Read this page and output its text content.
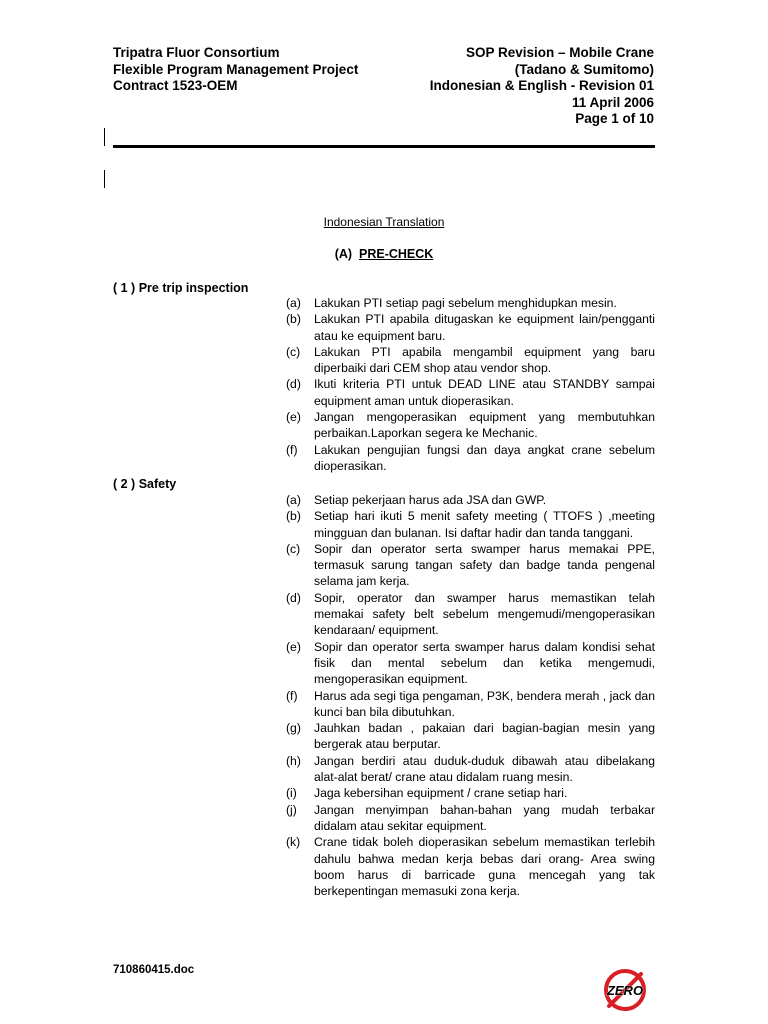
Tripatra Fluor Consortium
Flexible Program Management Project
Contract 1523-OEM
SOP Revision – Mobile Crane
(Tadano & Sumitomo)
Indonesian & English - Revision 01
11 April 2006
Page 1 of 10
Indonesian Translation
(A) PRE-CHECK
( 1 ) Pre trip inspection
(a) Lakukan PTI setiap pagi sebelum menghidupkan mesin.
(b) Lakukan PTI apabila ditugaskan ke equipment lain/pengganti atau ke equipment baru.
(c) Lakukan PTI apabila mengambil equipment yang baru diperbaiki dari CEM shop atau vendor shop.
(d) Ikuti kriteria PTI untuk DEAD LINE atau STANDBY sampai equipment aman untuk dioperasikan.
(e) Jangan mengoperasikan equipment yang membutuhkan perbaikan.Laporkan segera ke Mechanic.
(f) Lakukan pengujian fungsi dan daya angkat crane sebelum dioperasikan.
( 2 ) Safety
(a) Setiap pekerjaan harus ada JSA dan GWP.
(b) Setiap hari ikuti 5 menit safety meeting ( TTOFS ) ,meeting mingguan dan bulanan. Isi daftar hadir dan tanda tanggani.
(c) Sopir dan operator serta swamper harus memakai PPE, termasuk sarung tangan safety dan badge tanda pengenal selama jam kerja.
(d) Sopir, operator dan swamper harus memastikan telah memakai safety belt sebelum mengemudi/mengoperasikan kendaraan/ equipment.
(e) Sopir dan operator serta swamper harus dalam kondisi sehat fisik dan mental sebelum dan ketika mengemudi, mengoperasikan equipment.
(f) Harus ada segi tiga pengaman, P3K, bendera merah , jack dan kunci ban bila dibutuhkan.
(g) Jauhkan badan , pakaian dari bagian-bagian mesin yang bergerak atau berputar.
(h) Jangan berdiri atau duduk-duduk dibawah atau dibelakang alat-alat berat/ crane atau didalam ruang mesin.
(i) Jaga kebersihan equipment / crane setiap hari.
(j) Jangan menyimpan bahan-bahan yang mudah terbakar didalam atau sekitar equipment.
(k) Crane tidak boleh dioperasikan sebelum memastikan terlebih dahulu bahwa medan kerja bebas dari orang- Area swing boom harus di barricade guna mencegah yang tak berkepentingan memasuki zona kerja.
710860415.doc
ZERO
